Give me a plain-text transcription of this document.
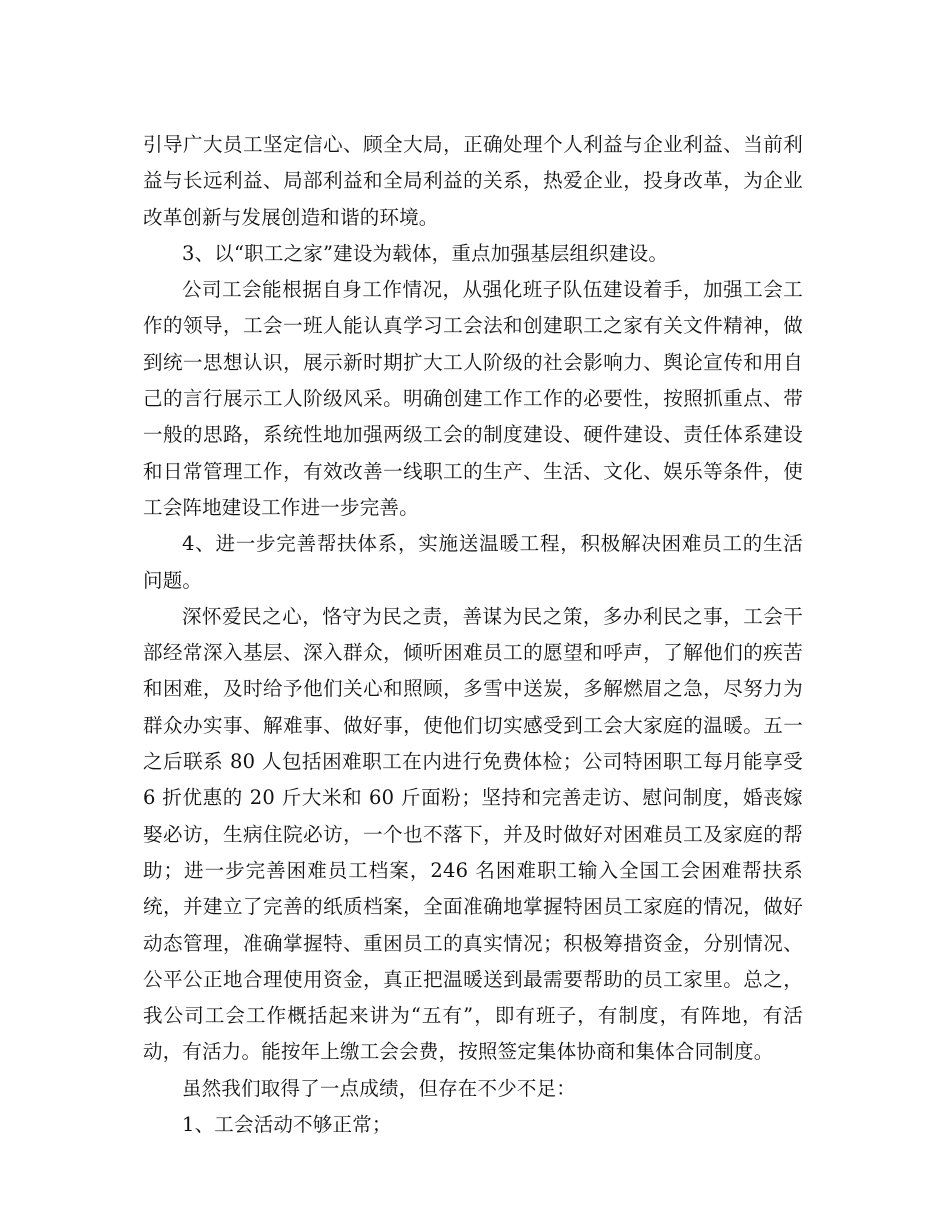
引导广大员工坚定信心、顾全大局，正确处理个人利益与企业利益、当前利益与长远利益、局部利益和全局利益的关系，热爱企业，投身改革，为企业改革创新与发展创造和谐的环境。

3、以“职工之家”建设为载体，重点加强基层组织建设。

公司工会能根据自身工作情况，从强化班子队伍建设着手，加强工会工作的领导，工会一班人能认真学习工会法和创建职工之家有关文件精神，做到统一思想认识，展示新时期扩大工人阶级的社会影响力、舆论宣传和用自己的言行展示工人阶级风采。明确创建工作工作的必要性，按照抓重点、带一般的思路，系统性地加强两级工会的制度建设、硬件建设、责任体系建设和日常管理工作，有效改善一线职工的生产、生活、文化、娱乐等条件，使工会阵地建设工作进一步完善。

4、进一步完善帮扶体系，实施送温暖工程，积极解决困难员工的生活问题。

深怀爱民之心，恪守为民之责，善谋为民之策，多办利民之事，工会干部经常深入基层、深入群众，倾听困难员工的愿望和呼声，了解他们的疾苦和困难，及时给予他们关心和照顾，多雪中送炭，多解燃眉之急，尽努力为群众办实事、解难事、做好事，使他们切实感受到工会大家庭的温暖。五一之后联系 80 人包括困难职工在内进行免费体检；公司特困职工每月能享受 6 折优惠的 20 斤大米和 60 斤面粉；坚持和完善走访、慰问制度，婚丧嫁娶必访，生病住院必访，一个也不落下，并及时做好对困难员工及家庭的帮助；进一步完善困难员工档案，246 名困难职工输入全国工会困难帮扶系统，并建立了完善的纸质档案，全面准确地掌握特困员工家庭的情况，做好动态管理，准确掌握特、重困员工的真实情况；积极筹措资金，分别情况、公平公正地合理使用资金，真正把温暖送到最需要帮助的员工家里。总之，我公司工会工作概括起来讲为“五有”，即有班子，有制度，有阵地，有活动，有活力。能按年上缴工会会费，按照签定集体协商和集体合同制度。

虽然我们取得了一点成绩，但存在不少不足：

1、工会活动不够正常；
